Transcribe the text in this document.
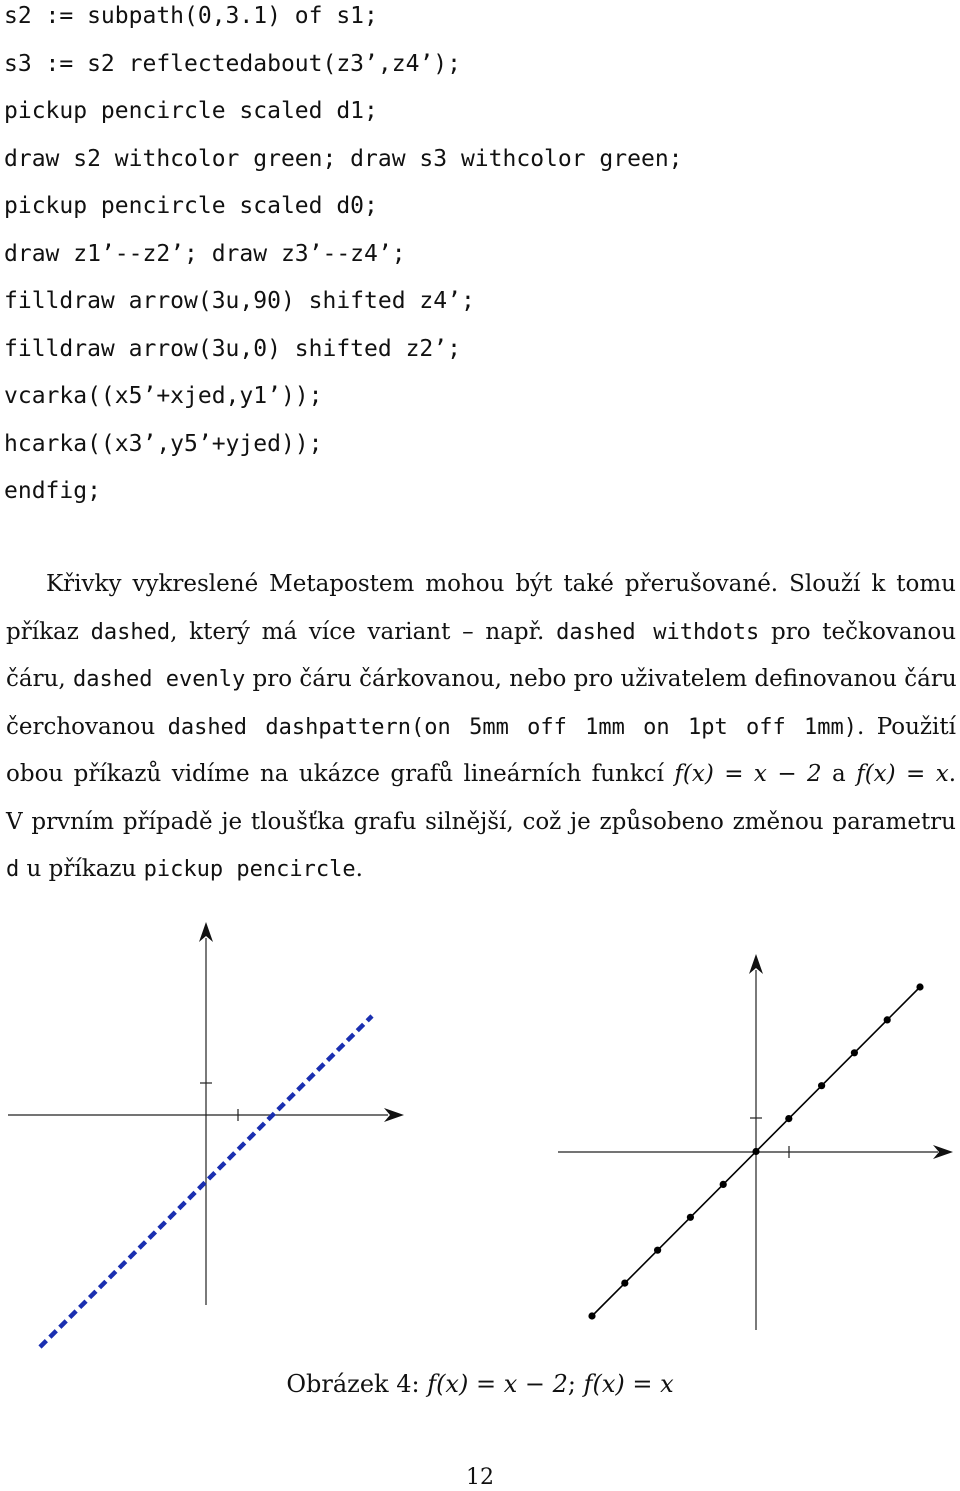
s2 := subpath(0,3.1) of s1;
s3 := s2 reflectedabout(z3’,z4’);
pickup pencircle scaled d1;
draw s2 withcolor green; draw s3 withcolor green;
pickup pencircle scaled d0;
draw z1’--z2’; draw z3’--z4’;
filldraw arrow(3u,90) shifted z4’;
filldraw arrow(3u,0) shifted z2’;
vcarka((x5’+xjed,y1’));
hcarka((x3’,y5’+yjed));
endfig;
Křivky vykreslené Metapostem mohou být také přerušované. Slouží k tomu
příkaz dashed, který má více variant – např. dashed withdots pro tečkovanou
čáru, dashed evenly pro čáru čárkovanou, nebo pro uživatelem definovanou čáru
čerchovanou dashed dashpattern(on 5mm off 1mm on 1pt off 1mm). Použití
obou příkazů vidíme na ukázce grafů lineárních funkcí f(x) = x − 2 a f(x) = x.
V prvním případě je tloušťka grafu silnější, což je způsobeno změnou parametru
d u příkazu pickup pencircle.
Obrázek 4: f(x) = x − 2; f(x) = x
12
